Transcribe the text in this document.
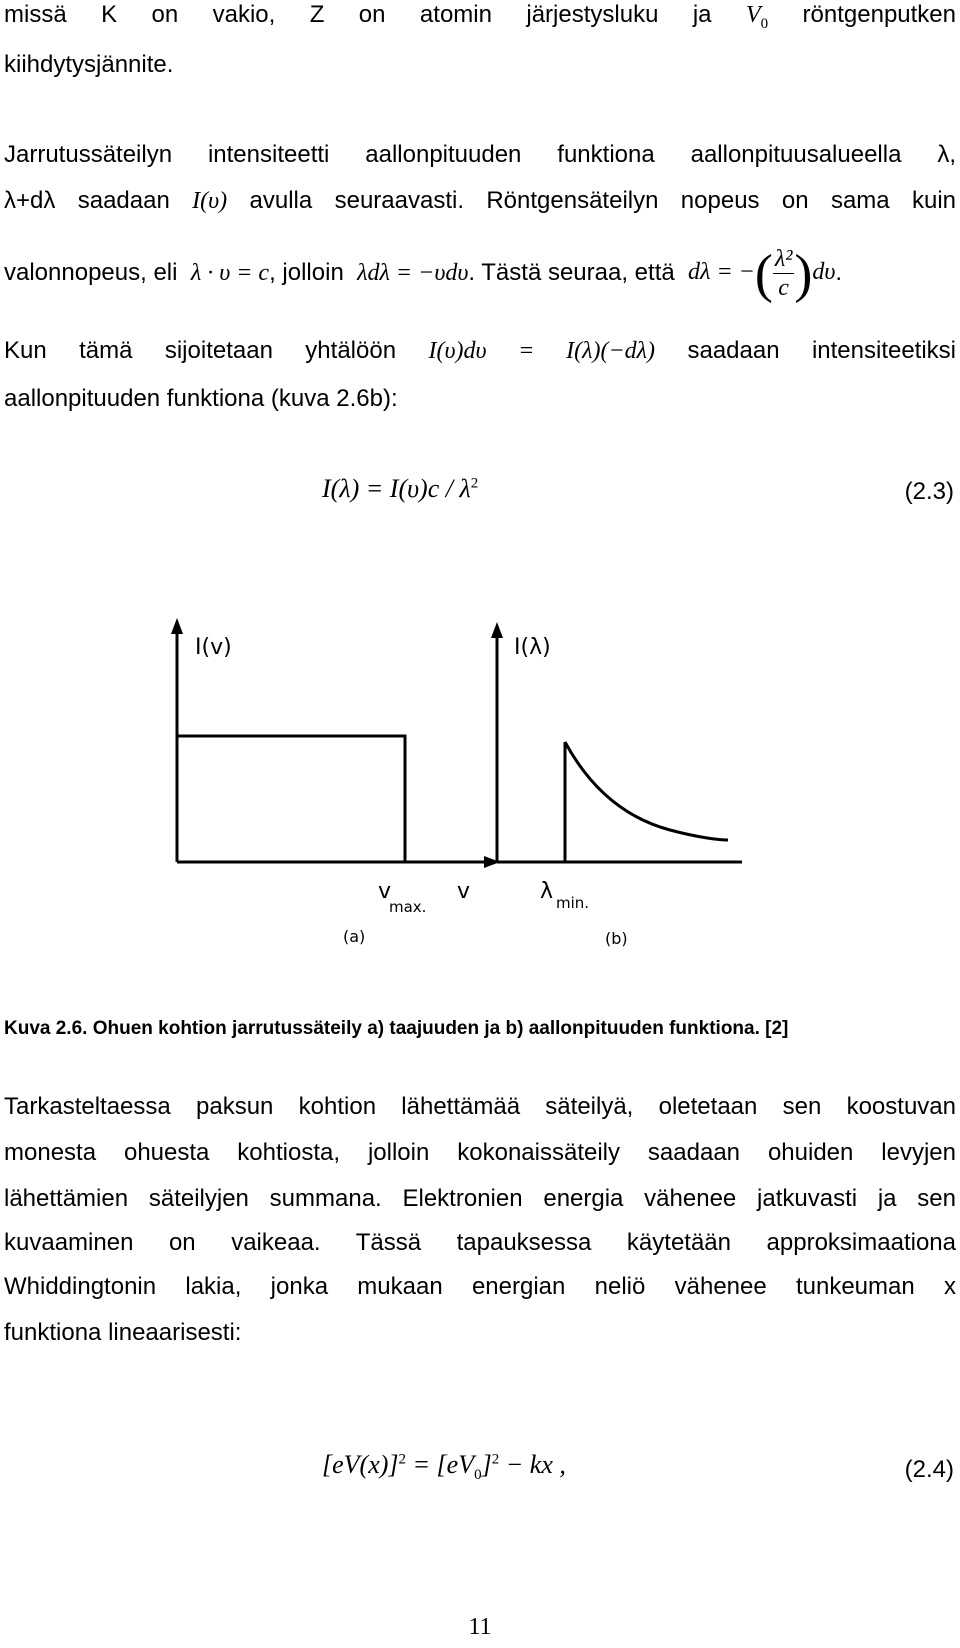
missä K on vakio, Z on atomin järjestysluku ja $V_0$ röntgenputken
kiihdytysjännite.
Jarrutussäteilyn intensiteetti aallonpituuden funktiona aallonpituusalueella λ,
λ+dλ saadaan I(υ) avulla seuraavasti. Röntgensäteilyn nopeus on sama kuin
valonnopeus, eli
λ · υ = c , jolloin
λdλ = −υdυ . Tästä seuraa, että
dλ = −( $\frac{\text{λ²}}{c} )d\upsilon$ .
Kun tämä sijoitetaan yhtälöön I(υ)dυ = I(λ)(−dλ) saadaan intensiteetiksi
aallonpituuden funktiona (kuva 2.6b):
$I(\lambda) = I(\upsilon)c / \lambda^2$	(2.3)
I(v)
v
max.
v
(a)
I(λ)
λ min.
(b)
Kuva 2.6. Ohuen kohtion jarrutussäteily a) taajuuden ja b) aallonpituuden funktiona. [2]
Tarkasteltaessa paksun kohtion lähettämää säteilyä, oletetaan sen koostuvan
monesta ohuesta kohtiosta, jolloin kokonaissäteily saadaan ohuiden levyjen
lähettämien säteilyjen summana. Elektronien energia vähenee jatkuvasti ja sen
kuvaaminen on vaikeaa. Tässä tapauksessa käytetään approksimaationa
Whiddingtonin lakia, jonka mukaan energian neliö vähenee tunkeuman x
funktiona lineaarisesti:
$[eV(x)]^2 = [eV_0]^2$ − kx ,	(2.4)
11
